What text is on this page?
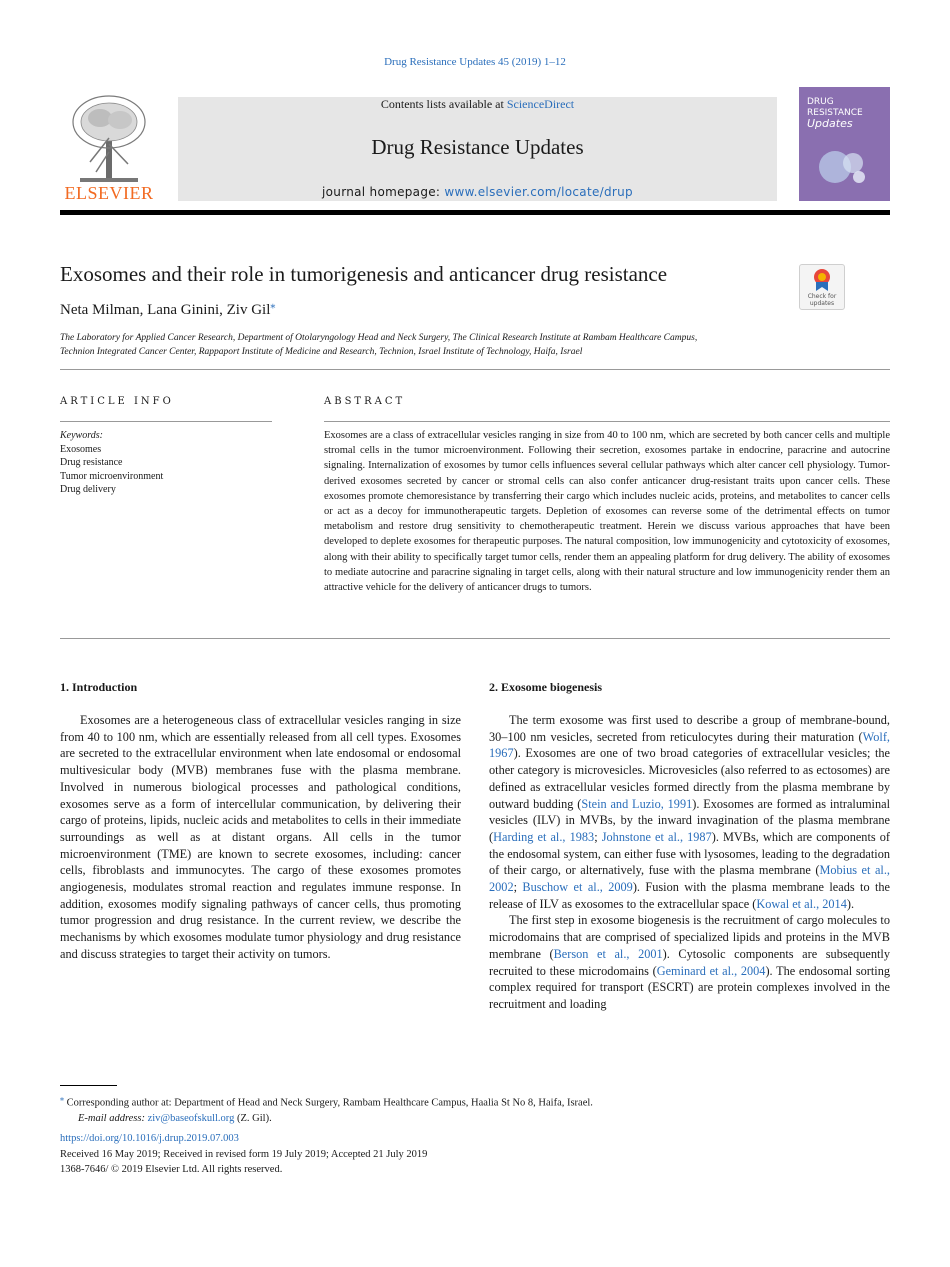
Drug Resistance Updates 45 (2019) 1–12
ELSEVIER
Contents lists available at ScienceDirect
Drug Resistance Updates
journal homepage: www.elsevier.com/locate/drup
DRUG
RESISTANCE
Updates
Exosomes and their role in tumorigenesis and anticancer drug resistance
Check for updates
Neta Milman, Lana Ginini, Ziv Gil⁎
The Laboratory for Applied Cancer Research, Department of Otolaryngology Head and Neck Surgery, The Clinical Research Institute at Rambam Healthcare Campus,
Technion Integrated Cancer Center, Rappaport Institute of Medicine and Research, Technion, Israel Institute of Technology, Haifa, Israel
ARTICLE INFO	ABSTRACT
Keywords:
Exosomes
Drug resistance
Tumor microenvironment
Drug delivery
Exosomes are a class of extracellular vesicles ranging in size from 40 to 100 nm, which are secreted by both cancer cells and multiple stromal cells in the tumor microenvironment. Following their secretion, exosomes partake in endocrine, paracrine and autocrine signaling. Internalization of exosomes by tumor cells influences several cellular pathways which alter cancer cell physiology. Tumor-derived exosomes secreted by cancer or stromal cells can also confer anticancer drug-resistant traits upon cancer cells. These exosomes promote chemoresistance by transferring their cargo which includes nucleic acids, proteins, and metabolites to cancer cells or act as a decoy for immunotherapeutic targets. Depletion of exosomes can reverse some of the detrimental effects on tumor metabolism and restore drug sensitivity to chemotherapeutic treatment. Herein we discuss various approaches that have been developed to deplete exosomes for therapeutic purposes. The natural composition, low immunogenicity and cytotoxicity of exosomes, along with their ability to specifically target tumor cells, render them an appealing platform for drug delivery. The ability of exosomes to mediate autocrine and paracrine signaling in target cells, along with their natural structure and low immunogenicity render them an attractive vehicle for the delivery of anticancer drugs to tumors.
1. Introduction	2. Exosome biogenesis

Exosomes are a heterogeneous class of extracellular vesicles ranging in size from 40 to 100 nm, which are essentially released from all cell types. Exosomes are secreted to the extracellular environment when late endosomal or endosomal multivesicular body (MVB) membranes fuse with the plasma membrane. Involved in numerous biological processes and pathological conditions, exosomes serve as a form of intercellular communication, by delivering their cargo of proteins, lipids, nucleic acids and metabolites to cells in their immediate surroundings as well as at distant organs. All cells in the tumor microenvironment (TME) are known to secrete exosomes, including: cancer cells, fibroblasts and immunocytes. The cargo of these exosomes promotes angiogenesis, modulates stromal reaction and regulates immune response. In addition, exosomes modify signaling pathways of cancer cells, thus promoting tumor progression and drug resistance. In the current review, we describe the mechanisms by which exosomes modulate tumor physiology and drug resistance and discuss strategies to target their activity on tumors.

The term exosome was first used to describe a group of membrane-bound, 30–100 nm vesicles, secreted from reticulocytes during their maturation (Wolf, 1967). Exosomes are one of two broad categories of extracellular vesicles; the other category is microvesicles. Microvesicles (also referred to as ectosomes) are defined as extracellular vesicles formed directly from the plasma membrane by outward budding (Stein and Luzio, 1991). Exosomes are formed as intraluminal vesicles (ILV) in MVBs, by the inward invagination of the plasma membrane (Harding et al., 1983; Johnstone et al., 1987). MVBs, which are components of the endosomal system, can either fuse with lysosomes, leading to the degradation of their cargo, or alternatively, fuse with the plasma membrane (Mobius et al., 2002; Buschow et al., 2009). Fusion with the plasma membrane leads to the release of ILV as exosomes to the extracellular space (Kowal et al., 2014).

The first step in exosome biogenesis is the recruitment of cargo molecules to microdomains that are comprised of specialized lipids and proteins in the MVB membrane (Berson et al., 2001). Cytosolic components are subsequently recruited to these microdomains (Geminard et al., 2004). The endosomal sorting complex required for transport (ESCRT) are protein complexes involved in the recruitment and loading

⁎ Corresponding author at: Department of Head and Neck Surgery, Rambam Healthcare Campus, Haalia St No 8, Haifa, Israel.
E-mail address: ziv@baseofskull.org (Z. Gil).
https://doi.org/10.1016/j.drup.2019.07.003
Received 16 May 2019; Received in revised form 19 July 2019; Accepted 21 July 2019
1368-7646/ © 2019 Elsevier Ltd. All rights reserved.
